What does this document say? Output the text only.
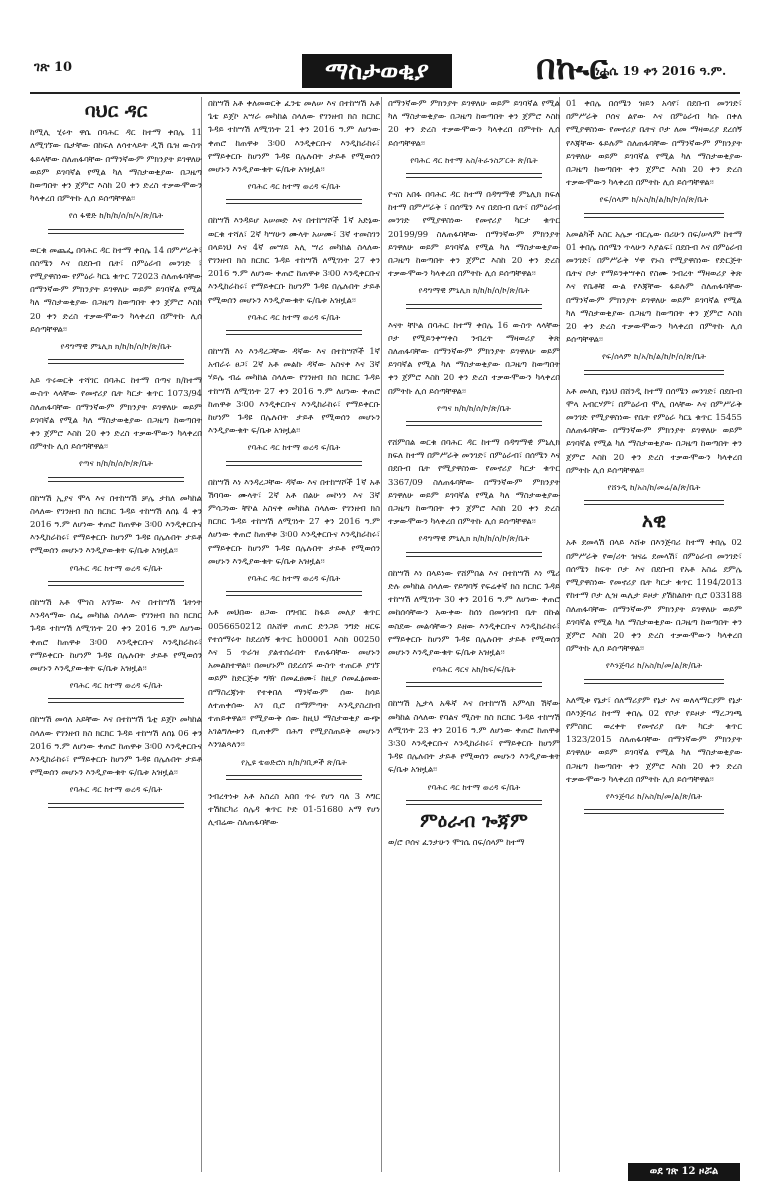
ገጽ 10	ማስታወቂያ	በኲር
ነሐሴ 19 ቀን 2016 ዓ.ም.
ባህር ዳር

ከሚሊ ሂሩት ዋሴ በባሕር ዳር ከተማ ቀበሌ 11 ለሚገኘው ቤታቸው በከፍለ ለሳተላይት ዲሽ ቤዝ ውስጥ ፋይላቸው ስለጠፋባቸው በማንኛውም ምክንያት ይገዋለሁ ወይም ይገባኛል የሚል ካለ ማስታወቂያው በጋዜጣ ከወጣበት ቀን ጀምሮ እስከ 20 ቀን ድረስ ተቃውሞውን ካላቀረበ በምትኩ ሊሰ ይሰጣቸዋል፡፡

የሰ ፋዊድ ከ/ከ/ከ/ሰ/ክ/ኣ/ጽ/ቤት

ወርቁ መጨፌ በባሕር ዳር ከተማ ቀበሌ 14 በምሥራቅ፣ በስሜን እና በደቡብ ቤት፣ በምዕራብ መንገድ ፣ የሚያዋስነው የምዕራ ካርኒ ቁጥር 72023 ስለጠፋባቸው በማንኛውም ምክንያት ይገዋለሁ ወይም ይገባኛል የሚል ካለ ማስታወቂያው በጋዜጣ ከወጣበት ቀን ጀምሮ እስከ 20 ቀን ድረስ ተቃውሞውን ካላቀረበ በምትኩ ሊሰ ይሰጣቸዋል፡፡

የዳግማዊ ምኒሊክ ክ/ከ/ከ/ሰ/ኮ/ጽ/ቤት

አይ ጥሩወርቅ ተሻገር በባሕር ከተማ በጣና ክ/ከተማ ውስጥ ላላቸው የመኖሪያ ቤት ካርታ ቁጥር 1073/94 ስለጠፋባቸው በማንኛውም ምክንያት ይገዋለሁ ወይም ይገባኛል የሚል ካለ ማስታወቂያው በጋዜጣ ከወጣበት ቀን ጀምሮ እስከ 20 ቀን ድረስ ተቃውሞውን ካላቀረበ በምትኩ ሊሰ ይሰጣቸዋል፡፡

የጣና ክ/ከ/ከ/ሰ/ኮ/ጽ/ቤት

በከሣሽ ኢያና ሞላ እና በተከሣሽ ቻሌ ታከለ መካከል ስላለው የገንዘብ ክስ ክርክር ጉዳይ ተከሣሽ ለሰኔ 4 ቀን 2016 ዓ.ም ለሆነው ቀጠሮ ከጠዋቱ 3፡00 እንዲቀርቡና እንዲከራከሩ፣ የማይቀርቡ ከሆነም ጉዳዩ በሌሉበት ታይቶ የሚወሰን መሆኑን እንዲያውቁት ፍ/ቤቱ አዝዟል፡፡

የባሕር ዳር ከተማ ወረዳ ፍ/ቤት

በከሣሽ አቶ ሞገስ አገኘው እና በተከሣሽ ጌትነት እንዳላማው ሰፌ መካከል ስላለው የገንዘብ ክስ ክርክር ጉዳይ ተከሣሽ ለሚገነት 20 ቀን 2016 ዓ.ም ለሆነው ቀጠሮ ከጠዋቱ 3፡00 እንዲቀርቡና እንዲከራከሩ፣ የማይቀርቡ ከሆነም ጉዳዩ በሌሉበት ታይቶ የሚወሰን መሆኑን እንዲያውቁት ፍ/ቤቱ አዝዟል፡፡

የባሕር ዳር ከተማ ወረዳ ፍ/ቤት

በከሣሽ መሳለ አይቸው እና በተከሣሽ ጌቲ ይጀኮ መካከል ስላለው የገንዘብ ክስ ክርክር ጉዳይ ተከሣሽ ለሰኔ 06 ቀን 2016 ዓ.ም ለሆነው ቀጠሮ ከጠዋቱ 3፡00 እንዲቀርቡና እንዲከራከሩ፣ የማይቀርቡ ከሆነም ጉዳዩ በሌሉበት ታይቶ የሚወሰን መሆኑን እንዲያውቁት ፍ/ቤቱ አዝዟል፡፡

የባሕር ዳር ከተማ ወረዳ ፍ/ቤት

በከሣሽ አቶ ቀለመወርቅ ፈንቴ መለሠ እና በተከሣሽ አቶ ጌቴ ይጀኮ አሣራ መካከል ስላለው የገንዘብ ክስ ክርክር ጉዳይ ተከሣሽ ለሚገነት 21 ቀን 2016 ዓ.ም ለሆነው ቀጠሮ ከጠዋቱ 3፡00 እንዲቀርቡና እንዲከራከሩ፣ የማይቀርቡ ከሆነም ጉዳዩ በሌሉበት ታይቶ የሚወሰን መሆኑን እንዲያውቁት ፍ/ቤቱ አዝዟል፡፡

የባሕር ዳር ከተማ ወረዳ ፍ/ቤት

በከሣሽ እንዳይሆ አሠመድ እና በተከሣሾች 1ኛ አድኔው ወርቁ ተሻለ፣ 2ኛ ካሣሁን ሙላት አሠሙ፣ 3ኛ ተመስገን በላይነህ እና 4ኛ መሣይ አሊ ሣሪ መካከል ስላለው የገንዘብ ክስ ክርክር ጉዳይ ተከሣሽ ለሚገነት 27 ቀን 2016 ዓ.ም ለሆነው ቀጠሮ ከጠዋቱ 3፡00 እንዲቀርቡና እንዲከራከሩ፣ የማይቀርቡ ከሆነም ጉዳዩ በሌሉበት ታይቶ የሚወሰን መሆኑን እንዲያውቁት ፍ/ቤቱ አዝዟል፡፡

የባሕር ዳር ከተማ ወረዳ ፍ/ቤት

በከሣሽ እነ እንዳረጋቸው ዳኛው እና በተከሣሾች 1ኛ አብራሩ ፀጋ፣ 2ኛ አቶ መልኩ ዳኛው አስናቀ እና 3ኛ ሃይሌ ብሬ መካከል ስላለው የገንዘብ ክስ ክርክር ጉዳይ ተከሣሽ ለሚገነት 27 ቀን 2016 ዓ.ም ለሆነው ቀጠሮ ከጠዋቱ 3፡00 እንዲቀርቡና እንዲከራከሩ፣ የማይቀርቡ ከሆነም ጉዳዩ በሌሉበት ታይቶ የሚወሰን መሆኑን እንዲያውቁት ፍ/ቤቱ አዝዟል፡፡

የባሕር ዳር ከተማ ወረዳ ፍ/ቤት

በከሣሽ እነ እንዳረጋቸው ዳኛው እና በተከሣሾች 1ኛ አቶ ሽባባው ሙላት፣ 2ኛ አቶ በልሁ መኮነን እና 3ኛ ምሳጋነው ቸኮል አስናቀ መካከል ስላለው የገንዘብ ክስ ክርክር ጉዳይ ተከሣሽ ለሚገነት 27 ቀን 2016 ዓ.ም ለሆነው ቀጠሮ ከጠዋቱ 3፡00 እንዲቀርቡና እንዲከራከሩ፣ የማይቀርቡ ከሆነም ጉዳዩ በሌሉበት ታይቶ የሚወሰን መሆኑን እንዲያውቁት ፍ/ቤቱ አዝዟል፡፡

የባሕር ዳር ከተማ ወረዳ ፍ/ቤት

አቶ መህበው ፀጋው በግብር ከፋይ መለያ ቁጥር 0056650212 በአሸዋ ጠጠር ድንጋይ ንግድ ዘርፍ የተሰማሩት ከደረሰኝ ቁጥር h00001 እስከ 00250 እና 5 ጥራዝ ያልተሰራበት የጠፋባቸው መሆኑን አመልክተዋል፡፡ በመሆኑም በደረሰኙ ውስጥ ተጠርቶ ያገኘ ወይም ከድርጅቱ ግዥ በመፈፀሙ፣ ከዚያ ሶመፈፅመው በማስረጃነት የተቀበለ ማንኛውም ሰው ከሳይ ለተጠቀሰው አገ ቢሮ በማምጣት እንዲያስረክብ ተጠይቀዋል፡፡ የሚያውቅ ሰው ከዚህ ማስታወቂያ ውጭ አገልግሎቱን ቢጠቀም በሕግ የሚያስጠይቅ መሆኑን እንገልጻለን፡፡

የኢዩ ቴወድሮስ ክ/ከ/ገቢዎች ጽ/ቤት

ንብረትነቱ አቶ አስረስ አበበ ጥሩ የሆነ ባለ 3 እግር ተሽከርካሪ ሰሌዳ ቁጥር ኮድ 01-51680 አማ የሆነ ሊብሬው ስለጠፋባቸው

በማንኛውም ምክንያት ይገዋለሁ ወይም ይገባኛል የሚል ካለ ማስታወቂያው በጋዜጣ ከወጣበት ቀን ጀምሮ እስከ 20 ቀን ድረስ ተቃውሞውን ካላቀረበ በምትኩ ሊሰ ይሰጣቸዋል፡፡

የባሕር ዳር ከተማ አስ/ትራንስፖርት ጽ/ቤት

ዮናስ አበፋ በባሕር ዳር ከተማ በዳግማዊ ምኒሊክ ክፍለ ከተማ በምሥራቅ ፣ በሰሜን እና በደቡብ ቤት፣ በምዕራብ መንገድ የሚያዋስነው የመኖሪያ ካርታ ቁጥር 20199/99 ስለጠፋባቸው በማንኛውም ምክንያት ይገዋለሁ ወይም ይገባኛል የሚል ካለ ማስታወቂያው በጋዜጣ ከወጣበት ቀን ጀምሮ እስከ 20 ቀን ድረስ ተቃውሞውን ካላቀረበ በምትኩ ሊሰ ይሰጣቸዋል፡፡

የዳግማዊ ምኒሊክ ክ/ከ/ከ/ሰ/ኮ/ጽ/ቤት

እናት ቸኮል በባሕር ከተማ ቀበሌ 16 ውስጥ ላላቸው ቦታ የሚይንቀሣቀስ ንብረት ማዛወሪያ ቅጽ ስለጠፋባቸው በማንኛውም ምክንያት ይገዋለሁ ወይም ይገባኛል የሚል ካለ ማስታወቂያው በጋዜጣ ከወጣበት ቀን ጀምሮ እስከ 20 ቀን ድረስ ተቃውሞውን ካላቀረበ በምትኩ ሊሰ ይሰጣቸዋል፡፡

የጣና ክ/ከ/ከ/ሰ/ኮ/ጽ/ቤት

የሸምበል ወርቁ በባሕር ዳር ከተማ በዳግማዊ ምኒሊክ ክፍለ ከተማ በምሥራቅ መንገድ፣ በምዕራብ፣ በሰሜን እና በደቡብ ቤት የሚያዋስነው የመኖሪያ ካርታ ቁጥር 3367/09 ስለጠፋባቸው በማንኛውም ምክንያት ይገዋለሁ ወይም ይገባኛል የሚል ካለ ማስታወቂያው በጋዜጣ ከወጣበት ቀን ጀምሮ እስከ 20 ቀን ድረስ ተቃውሞውን ካላቀረበ በምትኩ ሊሰ ይሰጣቸዋል፡፡

የዳግማዊ ምኒሊክ ክ/ከ/ከ/ሰ/ኮ/ጽ/ቤት

በከሣሽ እነ በላይነው የሸምበል እና በተከሣሽ እነ ሜሪ ድሉ መካከል ስላለው የይግባኝ የፍሬቀኛ ክስ ክርክር ጉዳይ ተከሣሽ ለሚገነት 30 ቀን 2016 ዓ.ም ለሆነው ቀጠሮ መከሰሳቸውን አውቀው ከሰነ በመዝገብ ቤት በኩል ወስደው መልሳቸውን ይዘው እንዲቀርቡና እንዲከራከሩ፣ የማይቀርቡ ከሆነም ጉዳዩ በሌሉበት ታይቶ የሚወሰን መሆኑን እንዲያውቁት ፍ/ቤቱ አዝዟል፡፡

የባሕር ዳርና አከ/ከፍ/ፍ/ቤት

በከሣሽ ኢታላ አዱኛ እና በተከሣሽ አምላክ ሽኛው መካከል ስላለው የባልና ሚስት ክስ ክርክር ጉዳይ ተከሣሽ ለሚገነት 23 ቀን 2016 ዓ.ም ለሆነው ቀጠሮ ከጠዋቱ 3፡30 እንዲቀርቡና እንዲከራከሩ፣ የማይቀርቡ ከሆነም ጉዳዩ በሌሉበት ታይቶ የሚወሰን መሆኑን እንዲያውቁት ፍ/ቤቱ አዝዟል፡፡

የባሕር ዳር ከተማ ወረዳ ፍ/ቤት
ምዕራብ ጐጃም

ወ/ሮ ቦሰና ፈንታሁን ሞገሴ በፍ/ሰላም ከተማ

01 ቀበሌ በሰሜን ዝይን አሳየ፣ በደቡብ መንገድ፣ በምሥራቅ ቦሰና ልየው እና በምዕራብ ካሱ በቀለ የሚያዋስነው የመኖሪያ ቤትና ቦታ ለመ ማዛወሪያ ደረሰኝ የእጃቸው ፋይሉም ስለጠፋባቸው በማንኛውም ምክንያት ይገዋለሁ ወይም ይገባኛል የሚል ካለ ማስታወቂያው በጋዜጣ ከወጣበት ቀን ጀምሮ እስከ 20 ቀን ድረስ ተቃውሞውን ካላቀረበ በምትኩ ሊሰ ይሰጣቸዋል፡፡

የፍ/ሰላም ከ/አስ/ከ/ል/ከ/ኮ/ሰ/ጽ/ቤት

አመልካች አስር አሌቃ ብርሌው በሪሁን በፍ/ሠላም ከተማ 01 ቀበሌ በሰሜን ጥላሁን እያልፍ፣ በደቡብ እና በምዕራብ መንገድ፣ በምሥራቅ ሃዋ የኑስ የሚያዋስነው የድርጅት ቤትና ቦታ የማይንቀሣቀስ የስሙ ንብረት ማዛወሪያ ቅጽ እና የቤቶቹ ውል የእጃቸው ፋይሉም ስለጠፋባቸው በማንኛውም ምክንያት ይገዋለሁ ወይም ይገባኛል የሚል ካለ ማስታወቂያው በጋዜጣ ከወጣበት ቀን ጀምሮ እስከ 20 ቀን ድረስ ተቃውሞውን ካላቀረበ በምትኩ ሊሰ ይሰጣቸዋል፡፡

የፍ/ሰላም ከ/አ/ከ/ል/ከ/ኮ/ሰ/ጽ/ቤት

አቶ መላኪ የኔነህ በሸንዲ ከተማ በሰሜን መንገድ፣ በደቡብ ሞላ አብርሃም፣ በምዕራብ ሞሊ በላቸው እና በምሥራቅ መንገድ የሚያዋስነው የቤት የምዕራ ካርኒ ቁጥር 15455 ስለጠፋባቸው በማንኛውም ምክንያት ይገዋለሁ ወይም ይገባኛል የሚል ካለ ማስታወቂያው በጋዜጣ ከወጣበት ቀን ጀምሮ እስከ 20 ቀን ድረስ ተቃውሞውን ካላቀረበ በምትኩ ሊሰ ይሰጣቸዋል፡፡

የሸንዲ ከ/አስ/ከ/መሬ/ል/ጽ/ቤት
አዊ

አቶ ደመላሽ በላይ እሸቱ በእንጅባሪ ከተማ ቀበሌ 02 በምሥራቅ የወ/ሪት ዝናሬ ደመላሽ፣ በምዕራብ መንገድ፣ በሰሜን ከፍት ቦታ እና በደቡብ የአቶ አስሬ ደምሌ የሚያዋስነው የመኖሪያ ቤት ካርታ ቁጥር 1194/2013 የከተማ ቦታ ሊዝ ዉሊታ ይዞታ ያሽከልክት ቢሮ 033188 ስለጠፋባቸው በማንኛውም ምክንያት ይገዋለሁ ወይም ይገባኛል የሚል ካለ ማስታወቂያው በጋዜጣ ከወጣበት ቀን ጀምሮ እስከ 20 ቀን ድረስ ተቃውሞውን ካላቀረበ በምትኩ ሊሰ ይሰጣቸዋል፡፡

የእንጅባሪ ከ/አስ/ከ/መ/ል/ጽ/ቤት

አለሚቱ የኔታ፣ ሰለማሪያም የኔታ እና ወለላማርያም የኔታ በእንጅባሪ ከተማ ቀበሌ 02 የቦታ የይዞታ ማረጋገጫ የምስክር ወረቀት የመኖሪያ ቤት ካርታ ቁጥር 1323/2015 ስለጠፋባቸው በማንኛውም ምክንያት ይገዋለሁ ወይም ይገባኛል የሚል ካለ ማስታወቂያው በጋዜጣ ከወጣበት ቀን ጀምሮ እስከ 20 ቀን ድረስ ተቃውሞውን ካላቀረበ በምትኩ ሊሰ ይሰጣቸዋል፡፡

የእንጅባሪ ከ/አስ/ከ/መ/ል/ጽ/ቤት
ወደ ገጽ 12 ዞሯል
